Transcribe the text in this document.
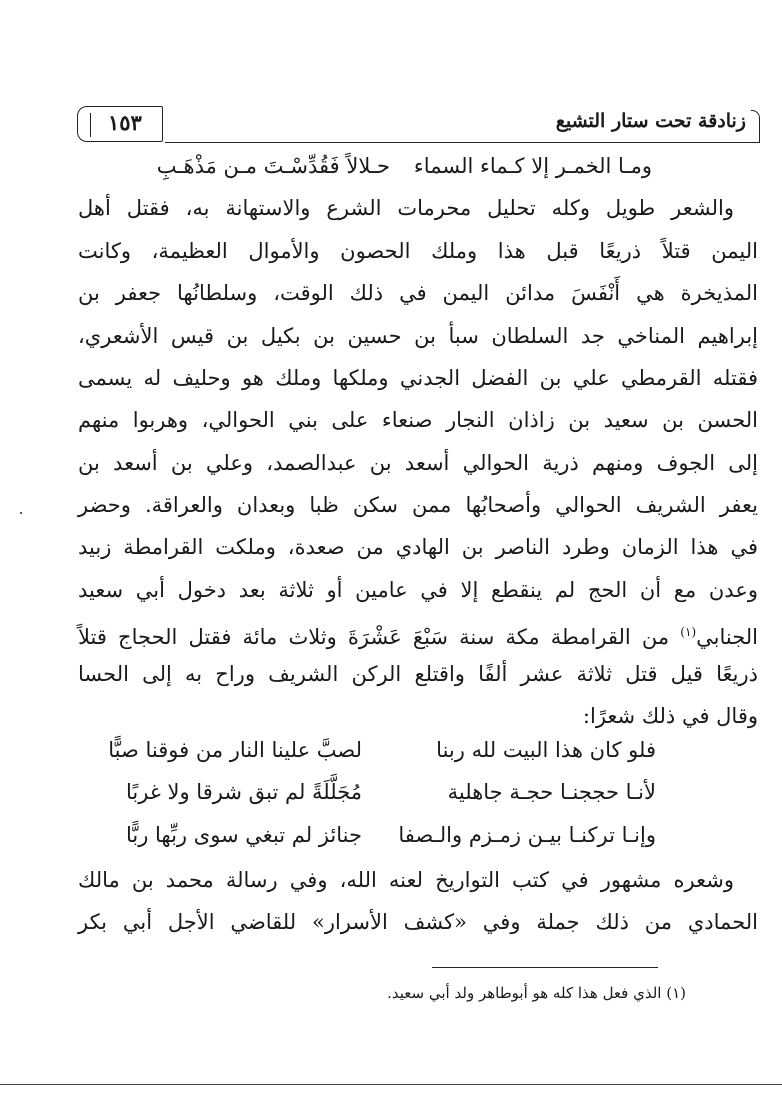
زنادقة تحت ستار التشيع
١٥٣
ومـا الخمـر إلا كـماء السماء
حـلالاً فَقُدِّسْـتَ مـن مَذْهَـبِ
والشعر طويل وكله تحليل محرمات الشرع والاستهانة به، فقتل أهل
اليمن قتلاً ذريعًا قبل هذا وملك الحصون والأموال العظيمة، وكانت
المذيخرة هي أَنْفَسَ مدائن اليمن في ذلك الوقت، وسلطانُها جعفر بن
إبراهيم المناخي جد السلطان سبأ بن حسين بن بكيل بن قيس الأشعري،
فقتله القرمطي علي بن الفضل الجدني وملكها وملك هو وحليف له يسمى
الحسن بن سعيد بن زاذان النجار صنعاء على بني الحوالي، وهربوا منهم
إلى الجوف ومنهم ذرية الحوالي أسعد بن عبدالصمد، وعلي بن أسعد بن
يعفر الشريف الحوالي وأصحابُها ممن سكن ظبا وبعدان والعراقة. وحضر
في هذا الزمان وطرد الناصر بن الهادي من صعدة، وملكت القرامطة زبيد
وعدن مع أن الحج لم ينقطع إلا في عامين أو ثلاثة بعد دخول أبي سعيد
الجنابي$^{(١)}$ من القرامطة مكة سنة سَبْعَ عَشْرَةَ وثلاث مائة فقتل الحجاج قتلاً
ذريعًا قيل قتل ثلاثة عشر ألفًا واقتلع الركن الشريف وراح به إلى الحسا
وقال في ذلك شعرًا:
فلو كان هذا البيت لله ربنا
لصبَّ علينا النار من فوقنا صبًّا
لأنـا حججنـا حجـة جاهلية
مُجَلَّلَةً لم تبق شرقا ولا غربًا
وإنـا تركنـا بيـن زمـزم والـصفا
جنائز لم تبغي سوى ربِّها ربًّا
وشعره مشهور في كتب التواريخ لعنه الله، وفي رسالة محمد بن مالك
الحمادي من ذلك جملة وفي «كشف الأسرار» للقاضي الأجل أبي بكر
(١) الذي فعل هذا كله هو أبوطاهر ولد أبي سعيد.
